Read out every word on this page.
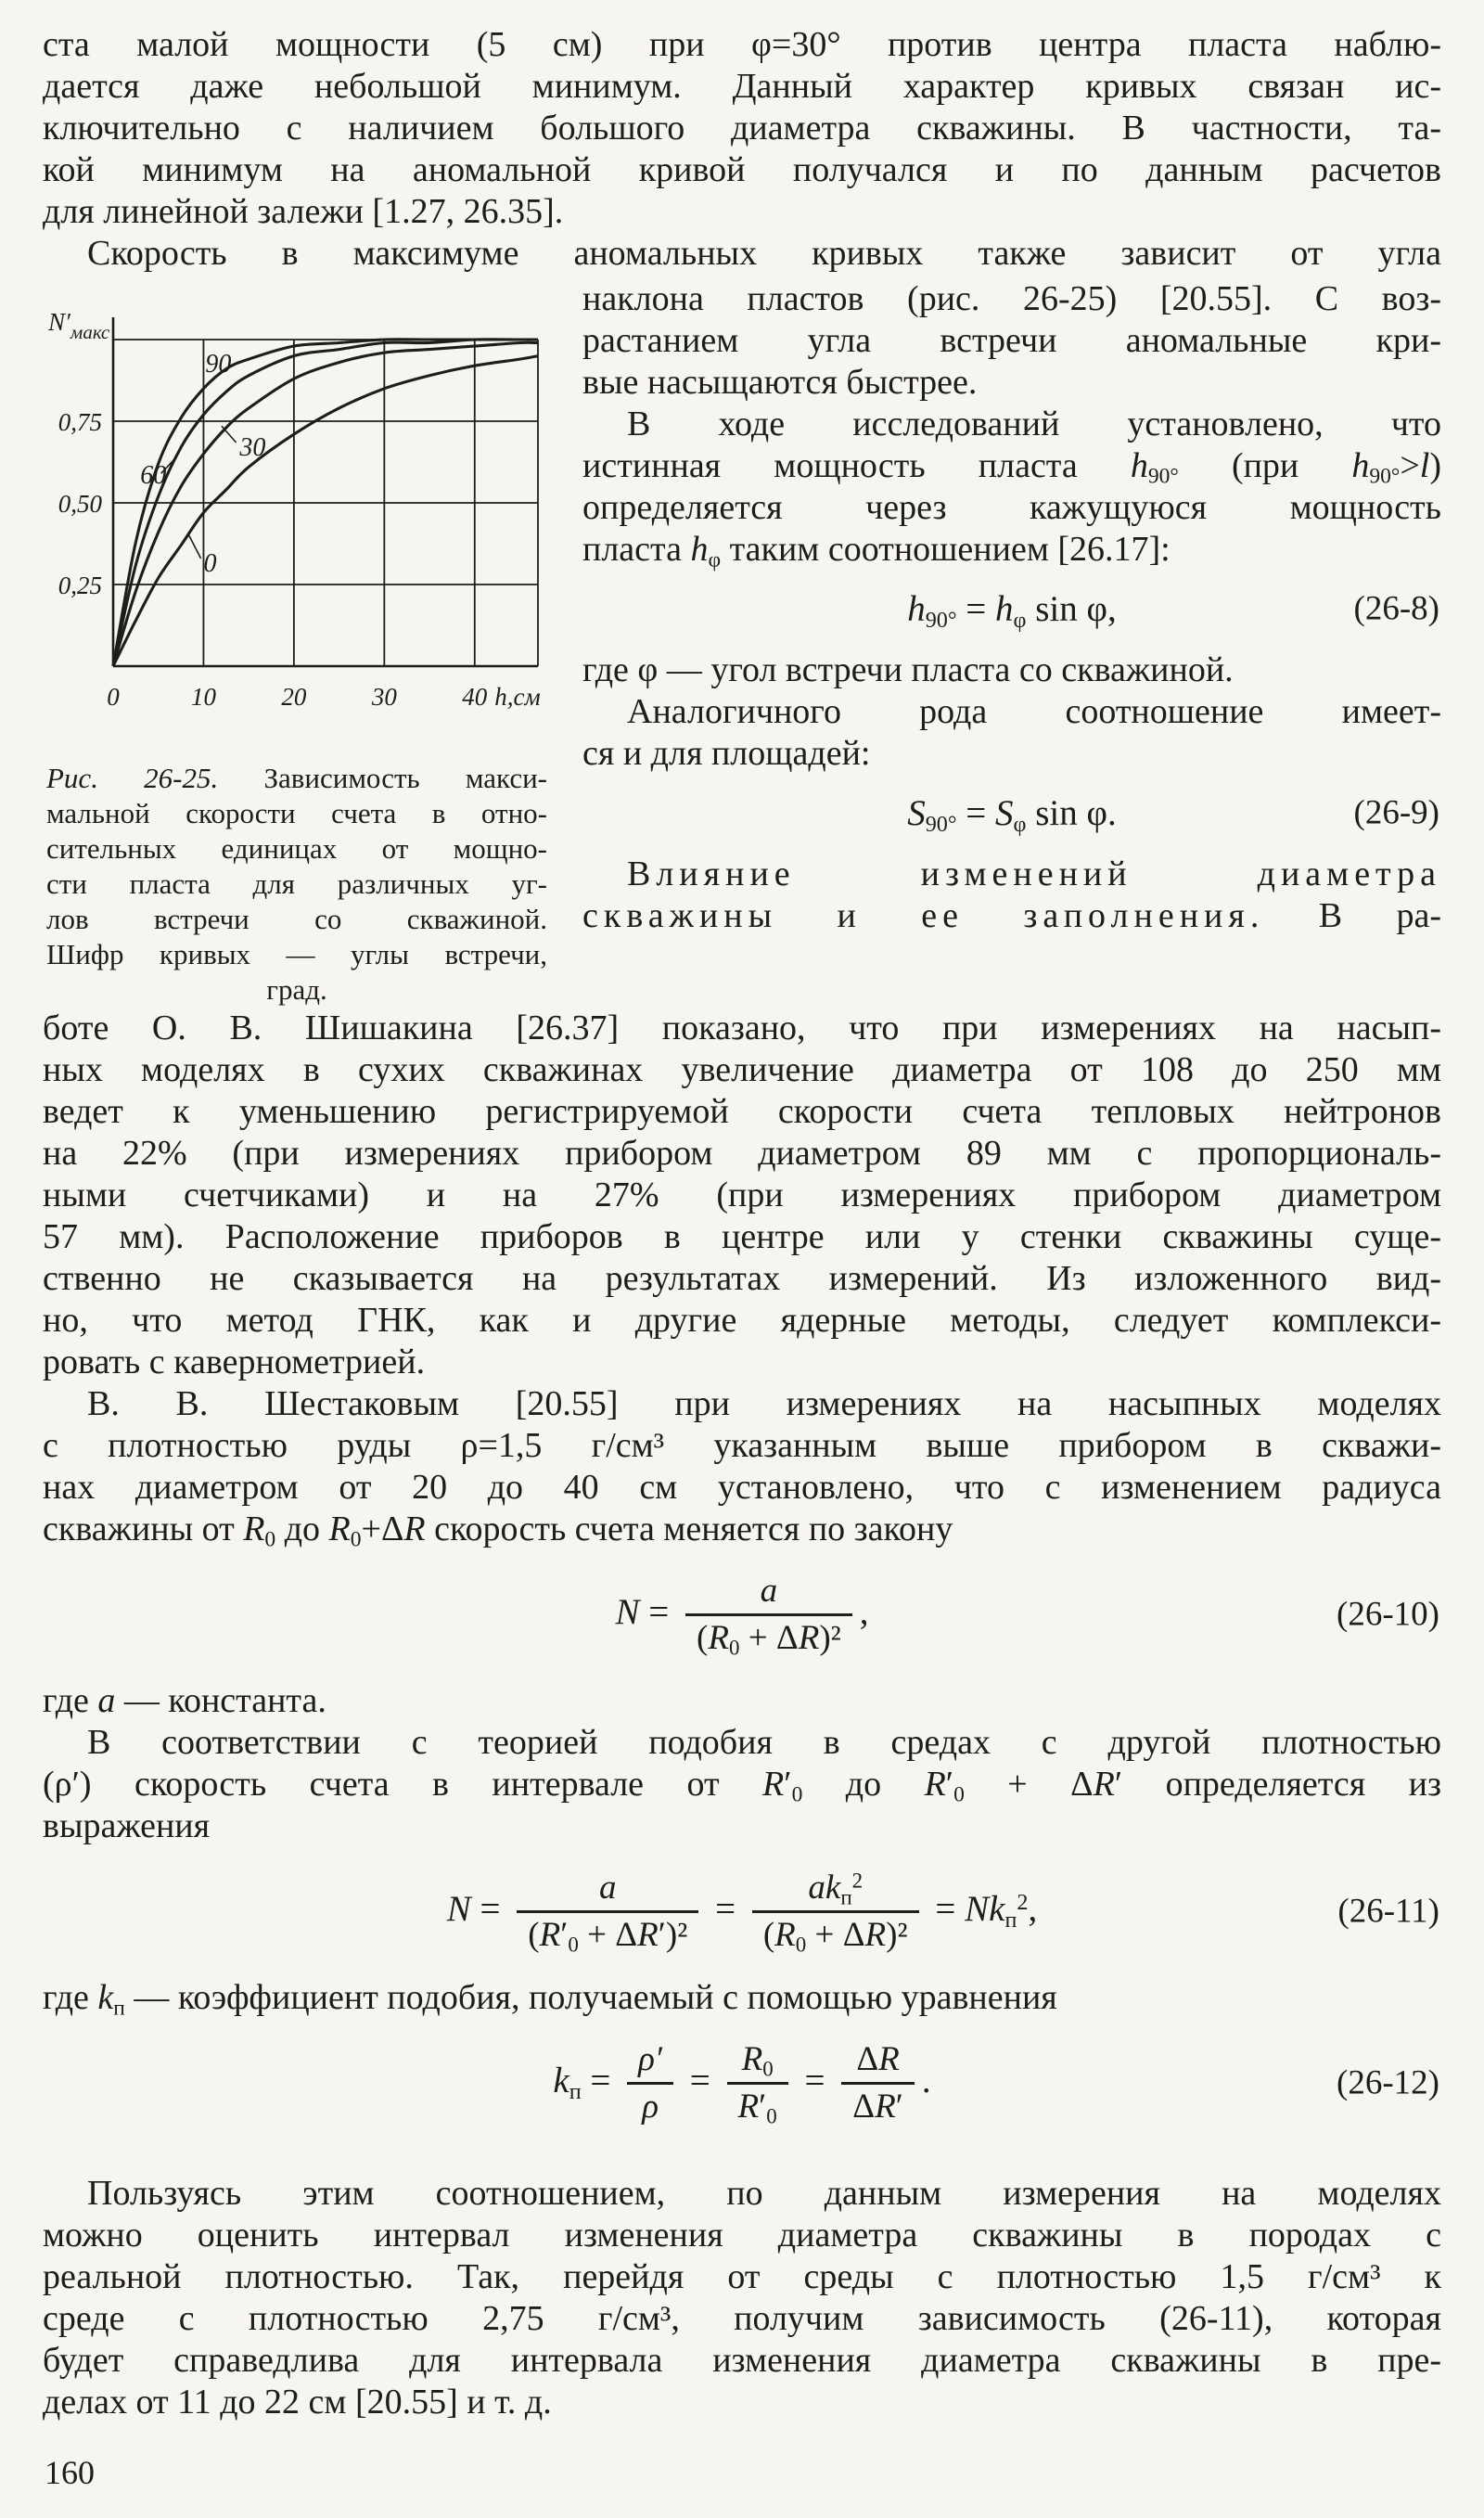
ста малой мощности (5 см) при φ=30° против центра пласта наблю-
дается даже небольшой минимум. Данный характер кривых связан ис-
ключительно с наличием большого диаметра скважины. В частности, та-
кой минимум на аномальной кривой получался и по данным расчетов
для линейной залежи [1.27, 26.35].
Скорость в максимуме аномальных кривых также зависит от угла
0,75
0,50
0,25
0	10	20	30	40 h,см
$N'_{макс}$
90
60
30
0
Рис. 26-25. Зависимость макси-
мальной скорости счета в отно-
сительных единицах от мощно-
сти пласта для различных уг-
лов встречи со скважиной.
Шифр кривых — углы встречи,
град.
наклона пластов (рис. 26-25) [20.55]. С воз-
растанием угла встречи аномальные кри-
вые насыщаются быстрее.
В ходе исследований установлено, что
истинная мощность пласта $h_{90^\circ}$ (при $h_{90^\circ}>l$)
определяется через кажущуюся мощность
пласта $h_\varphi$ таким соотношением [26.17]:
$h_{90^\circ} = h_\varphi$ sin φ,	(26-8)
где φ — угол встречи пласта со скважиной.
Аналогичного рода соотношение имеет-
ся и для площадей:
$S_{90^\circ} = S_\varphi$ sin φ.	(26-9)
Влияние изменений диаметра
скважины и ее заполнения. В ра-
боте О. В. Шишакина [26.37] показано, что при измерениях на насып-
ных моделях в сухих скважинах увеличение диаметра от 108 до 250 мм
ведет к уменьшению регистрируемой скорости счета тепловых нейтронов
на 22% (при измерениях прибором диаметром 89 мм с пропорциональ-
ными счетчиками) и на 27% (при измерениях прибором диаметром
57 мм). Расположение приборов в центре или у стенки скважины суще-
ственно не сказывается на результатах измерений. Из изложенного вид-
но, что метод ГНК, как и другие ядерные методы, следует комплекси-
ровать с кавернометрией.
В. В. Шестаковым [20.55] при измерениях на насыпных моделях
с плотностью руды ρ=1,5 г/см³ указанным выше прибором в скважи-
нах диаметром от 20 до 40 см установлено, что с изменением радиуса
скважины от $R_0$ до $R_0+\Delta R$ скорость счета меняется по закону
$N = \frac{a}{(R_0 + \Delta R)^2}$ ,	(26-10)
где a — константа.
В соответствии с теорией подобия в средах с другой плотностью
(ρ′) скорость счета в интервале от $R'_0$ до $R'_0 + \Delta R'$ определяется из
выражения
$N = \frac{a}{(R'_0 + \Delta R')^2} = \frac{ak_п^2}{(R_0 + \Delta R)^2} = Nk_п^2$,	(26-11)
где $k_п$ — коэффициент подобия, получаемый с помощью уравнения
$k_п = \frac{\rho'}{\rho} = \frac{R_0}{R'_0} = \frac{\Delta R}{\Delta R'}$ .	(26-12)
Пользуясь этим соотношением, по данным измерения на моделях
можно оценить интервал изменения диаметра скважины в породах с
реальной плотностью. Так, перейдя от среды с плотностью 1,5 г/см³ к
среде с плотностью 2,75 г/см³, получим зависимость (26-11), которая
будет справедлива для интервала изменения диаметра скважины в пре-
делах от 11 до 22 см [20.55] и т. д.
160
